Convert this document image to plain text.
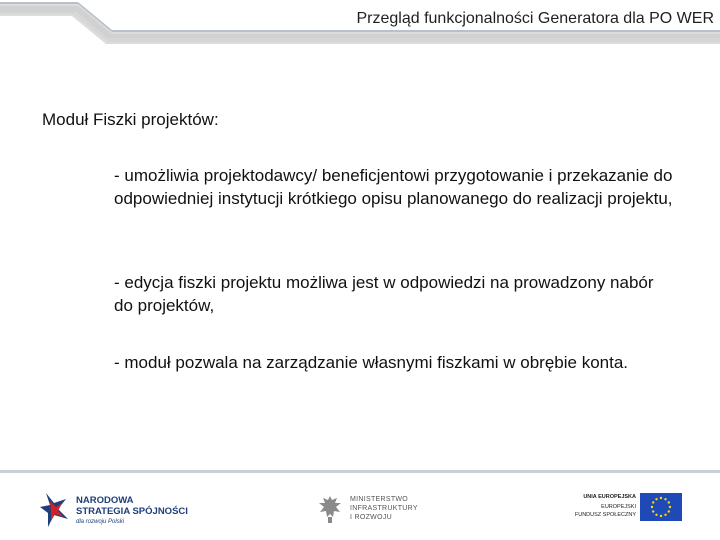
Przegląd funkcjonalności Generatora dla PO WER
Moduł Fiszki projektów:
- umożliwia projektodawcy/ beneficjentowi przygotowanie i przekazanie do odpowiedniej instytucji krótkiego opisu planowanego do realizacji projektu,
- edycja fiszki projektu możliwa jest w odpowiedzi na prowadzony nabór do projektów,
- moduł pozwala na zarządzanie własnymi fiszkami w obrębie konta.
NARODOWA
STRATEGIA SPÓJNOŚCI
dla rozwoju Polski
MINISTERSTWO
INFRASTRUKTURY
I ROZWOJU
UNIA EUROPEJSKA
EUROPEJSKI
FUNDUSZ SPOŁECZNY
